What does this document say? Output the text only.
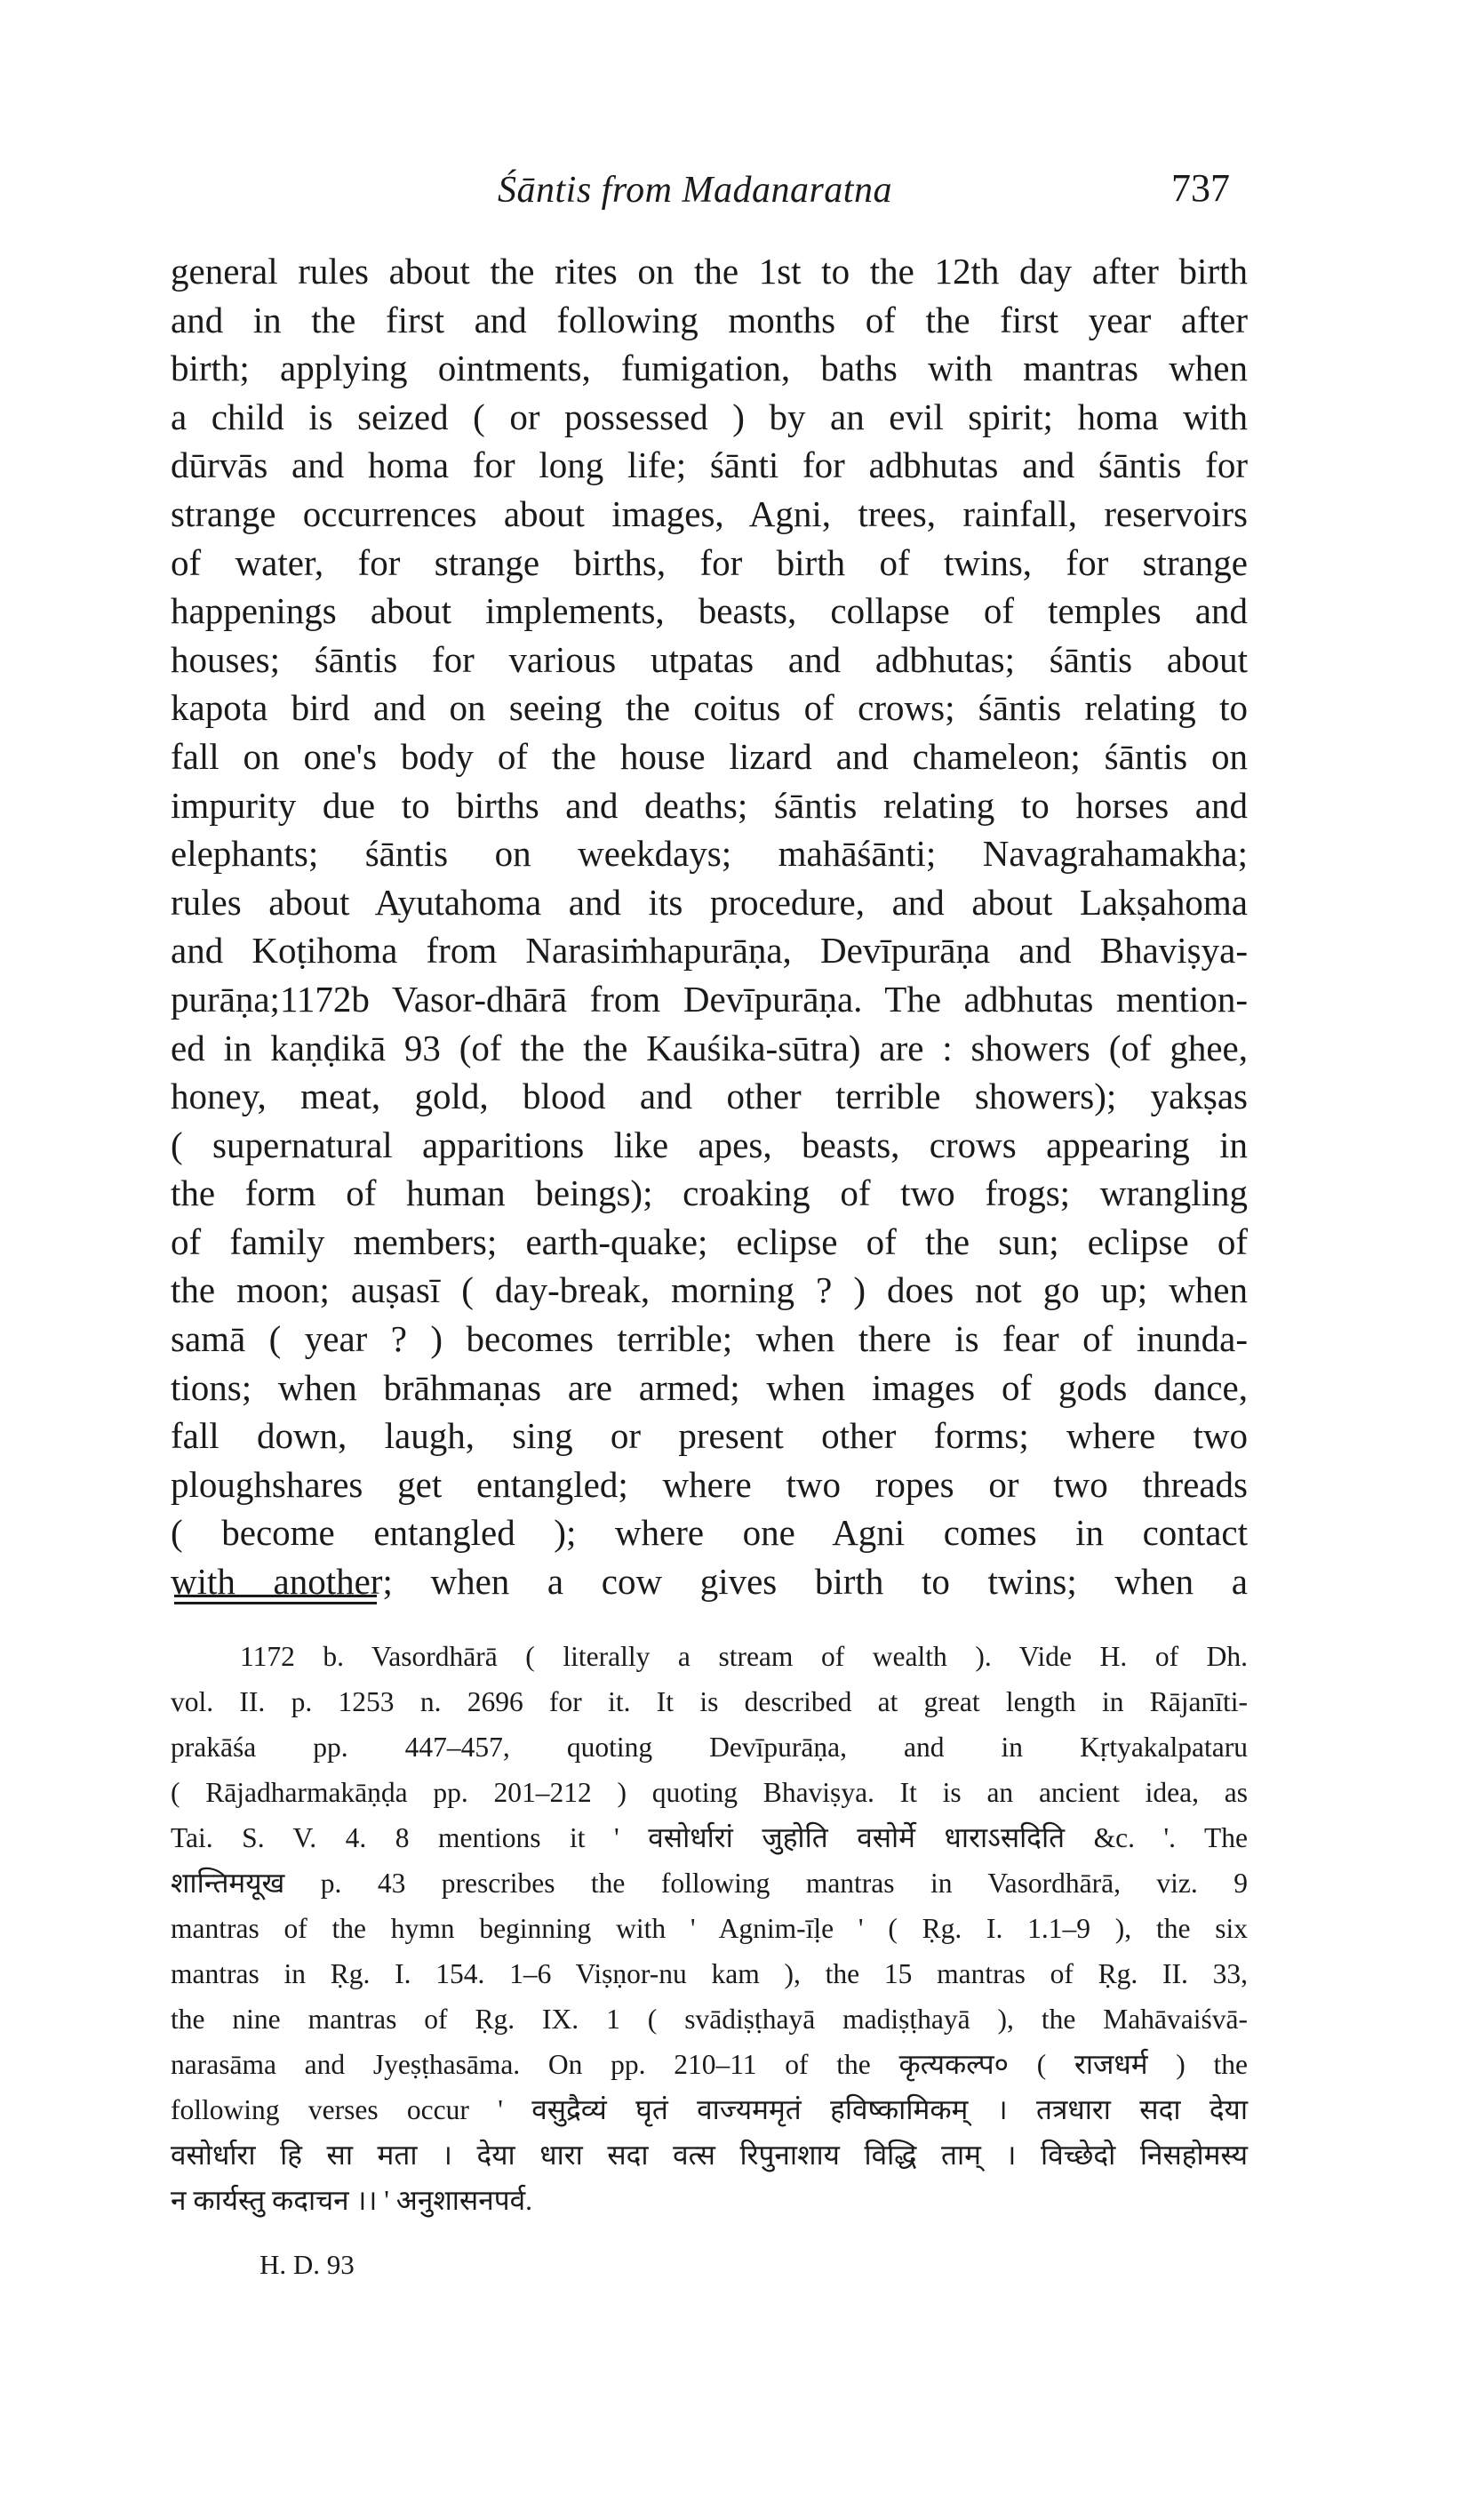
Śāntis from Madanaratna	737
general rules about the rites on the 1st to the 12th day after birth
and in the first and following months of the first year after
birth; applying ointments, fumigation, baths with mantras when
a child is seized ( or possessed ) by an evil spirit; homa with
dūrvās and homa for long life; śānti for adbhutas and śāntis for
strange occurrences about images, Agni, trees, rainfall, reservoirs
of water, for strange births, for birth of twins, for strange
happenings about implements, beasts, collapse of temples and
houses; śāntis for various utpatas and adbhutas; śāntis about
kapota bird and on seeing the coitus of crows; śāntis relating to
fall on one's body of the house lizard and chameleon; śāntis on
impurity due to births and deaths; śāntis relating to horses and
elephants; śāntis on weekdays; mahāśānti; Navagrahamakha;
rules about Ayutahoma and its procedure, and about Lakṣahoma
and Koṭihoma from Narasiṁhapurāṇa, Devīpurāṇa and Bhaviṣya-
purāṇa;1172b Vasor-dhārā from Devīpurāṇa. The adbhutas mention-
ed in kaṇḍikā 93 (of the the Kauśika-sūtra) are : showers (of ghee,
honey, meat, gold, blood and other terrible showers); yakṣas
( supernatural apparitions like apes, beasts, crows appearing in
the form of human beings); croaking of two frogs; wrangling
of family members; earth-quake; eclipse of the sun; eclipse of
the moon; auṣasī ( day-break, morning ? ) does not go up; when
samā ( year ? ) becomes terrible; when there is fear of inunda-
tions; when brāhmaṇas are armed; when images of gods dance,
fall down, laugh, sing or present other forms; where two
ploughshares get entangled; where two ropes or two threads
( become entangled ); where one Agni comes in contact
with another; when a cow gives birth to twins; when a
1172 b. Vasordhārā ( literally a stream of wealth ). Vide H. of Dh.
vol. II. p. 1253 n. 2696 for it. It is described at great length in Rājanīti-
prakāśa pp. 447–457, quoting Devīpurāṇa, and in Kṛtyakalpataru
( Rājadharmakāṇḍa pp. 201–212 ) quoting Bhaviṣya. It is an ancient idea, as
Tai. S. V. 4. 8 mentions it ' वसोर्धारां जुहोति वसोर्मे धाराऽसदिति &c. '. The
शान्तिमयूख p. 43 prescribes the following mantras in Vasordhārā, viz. 9
mantras of the hymn beginning with ' Agnim-īḷe ' ( Ṛg. I. 1.1–9 ), the six
mantras in Ṛg. I. 154. 1–6 Viṣṇor-nu kam ), the 15 mantras of Ṛg. II. 33,
the nine mantras of Ṛg. IX. 1 ( svādiṣṭhayā madiṣṭhayā ), the Mahāvaiśvā-
narasāma and Jyeṣṭhasāma. On pp. 210–11 of the कृत्यकल्प० ( राजधर्म ) the
following verses occur ' वसुद्रैव्यं घृतं वाज्यममृतं हविष्कामिकम् । तत्रधारा सदा देया
वसोर्धारा हि सा मता । देया धारा सदा वत्स रिपुनाशाय विद्धि ताम् । विच्छेदो निसहोमस्य
न कार्यस्तु कदाचन ।। ' अनुशासनपर्व.
H. D. 93
